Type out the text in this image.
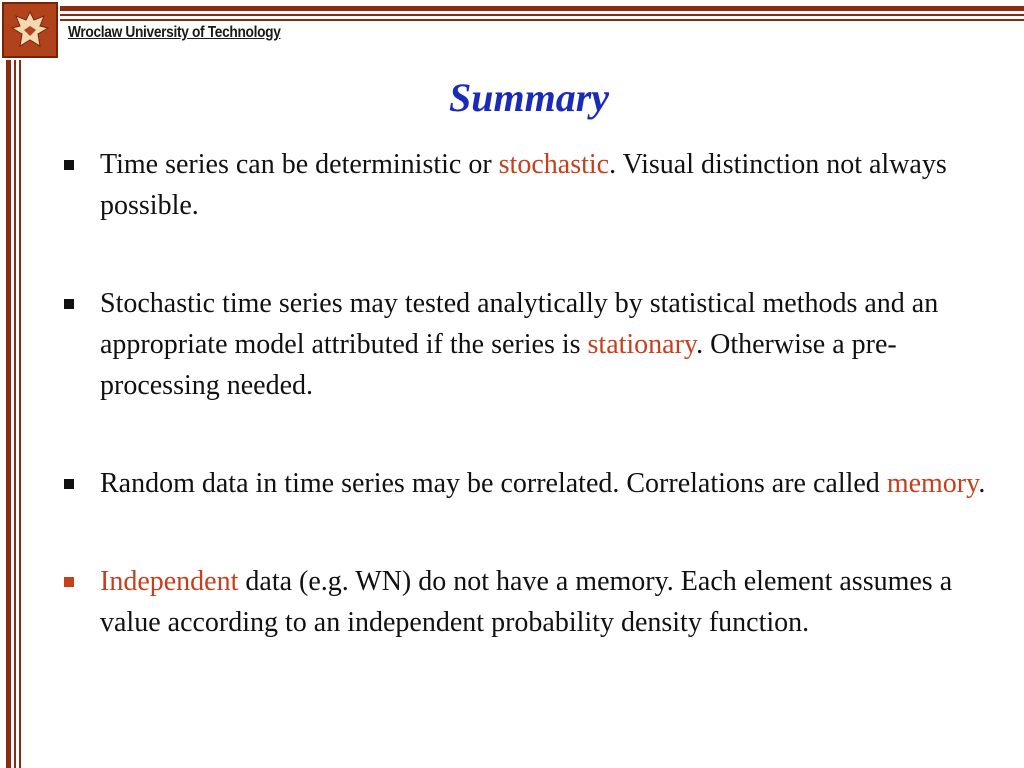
Wroclaw University of Technology
Summary
Time series can be deterministic or stochastic. Visual distinction not always possible.
Stochastic time series may tested analytically by statistical methods and an appropriate model attributed if the series is stationary. Otherwise a pre-processing needed.
Random data in time series may be correlated. Correlations are called memory.
Independent data (e.g. WN) do not have a memory. Each element assumes a value according to an independent probability density function.
